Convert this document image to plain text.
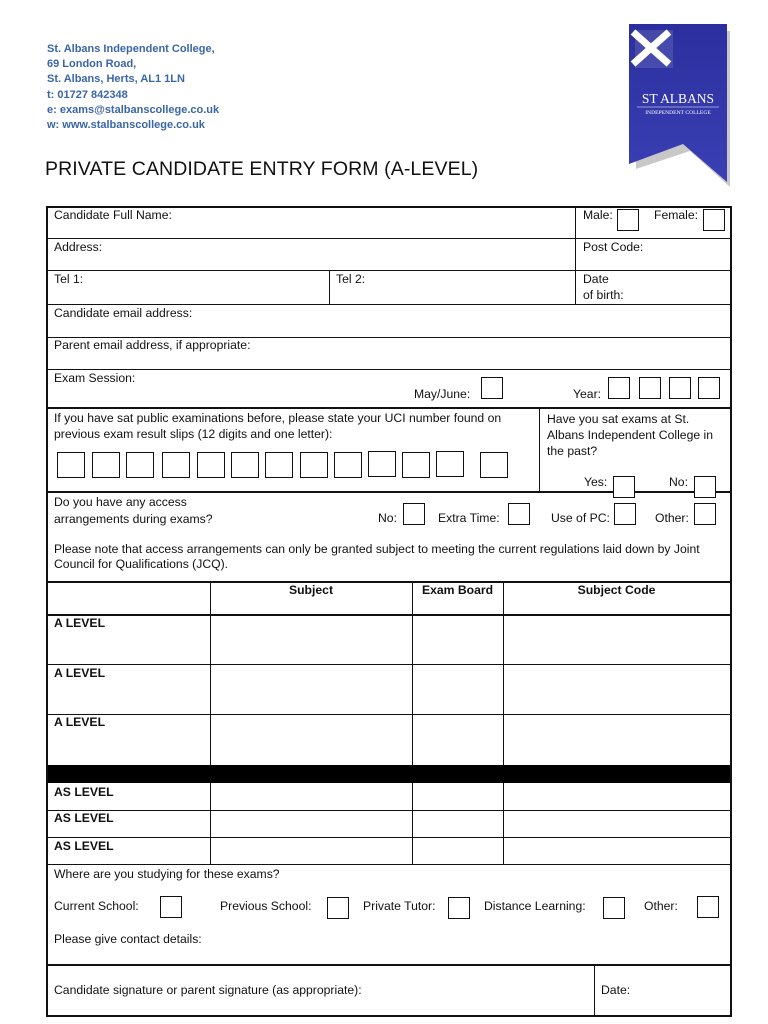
St. Albans Independent College,
69 London Road,
St. Albans, Herts, AL1 1LN
t: 01727 842348
e: exams@stalbanscollege.co.uk
w: www.stalbanscollege.co.uk
ST ALBANS
INDEPENDENT COLLEGE
PRIVATE CANDIDATE ENTRY FORM (A-LEVEL)
Candidate Full Name:	Male:	Female:
Address:	Post Code:
Tel 1:	Tel 2:	Date
of birth:
Candidate email address:
Parent email address, if appropriate:
Exam Session:
May/June:	Year:
If you have sat public examinations before, please state your UCI number found on previous exam result slips (12 digits and one letter):
Have you sat exams at St. Albans Independent College in the past?
Yes:	No:
Do you have any access arrangements during exams?	No:	Extra Time:	Use of PC:	Other:
Please note that access arrangements can only be granted subject to meeting the current regulations laid down by Joint Council for Qualifications (JCQ).
Subject	Exam Board	Subject Code
A LEVEL
A LEVEL
A LEVEL
AS LEVEL
AS LEVEL
AS LEVEL
Where are you studying for these exams?
Current School:	Previous School:	Private Tutor:	Distance Learning:	Other:
Please give contact details:
Candidate signature or parent signature (as appropriate):	Date:
